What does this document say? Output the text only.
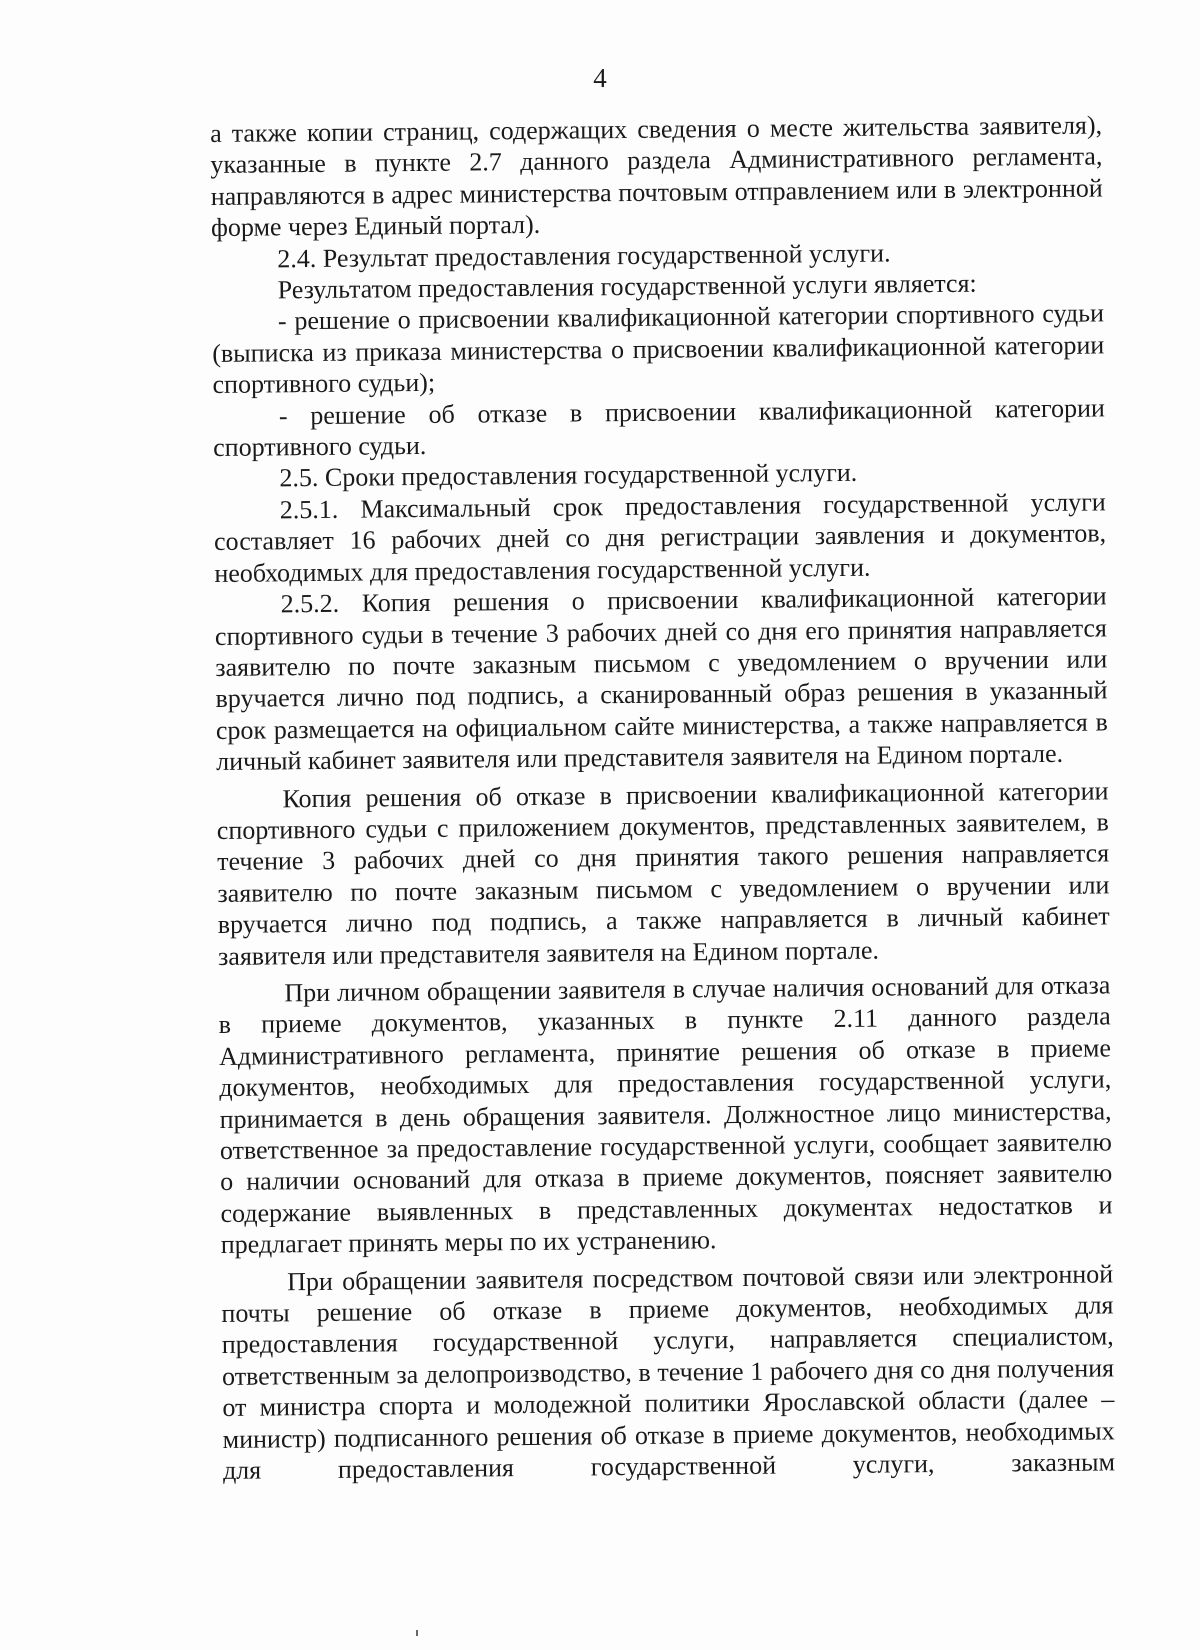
4

а также копии страниц, содержащих сведения о месте жительства заявителя), указанные в пункте 2.7 данного раздела Административного регламента, направляются в адрес министерства почтовым отправлением или в электронной форме через Единый портал).

2.4. Результат предоставления государственной услуги.

Результатом предоставления государственной услуги является:

- решение о присвоении квалификационной категории спортивного судьи (выписка из приказа министерства о присвоении квалификационной категории спортивного судьи);

- решение об отказе в присвоении квалификационной категории спортивного судьи.

2.5. Сроки предоставления государственной услуги.

2.5.1. Максимальный срок предоставления государственной услуги составляет 16 рабочих дней со дня регистрации заявления и документов, необходимых для предоставления государственной услуги.

2.5.2. Копия решения о присвоении квалификационной категории спортивного судьи в течение 3 рабочих дней со дня его принятия направляется заявителю по почте заказным письмом с уведомлением о вручении или вручается лично под подпись, а сканированный образ решения в указанный срок размещается на официальном сайте министерства, а также направляется в личный кабинет заявителя или представителя заявителя на Едином портале.

Копия решения об отказе в присвоении квалификационной категории спортивного судьи с приложением документов, представленных заявителем, в течение 3 рабочих дней со дня принятия такого решения направляется заявителю по почте заказным письмом с уведомлением о вручении или вручается лично под подпись, а также направляется в личный кабинет заявителя или представителя заявителя на Едином портале.

При личном обращении заявителя в случае наличия оснований для отказа в приеме документов, указанных в пункте 2.11 данного раздела Административного регламента, принятие решения об отказе в приеме документов, необходимых для предоставления государственной услуги, принимается в день обращения заявителя. Должностное лицо министерства, ответственное за предоставление государственной услуги, сообщает заявителю о наличии оснований для отказа в приеме документов, поясняет заявителю содержание выявленных в представленных документах недостатков и предлагает принять меры по их устранению.

При обращении заявителя посредством почтовой связи или электронной почты решение об отказе в приеме документов, необходимых для предоставления государственной услуги, направляется специалистом, ответственным за делопроизводство, в течение 1 рабочего дня со дня получения от министра спорта и молодежной политики Ярославской области (далее – министр) подписанного решения об отказе в приеме документов, необходимых для предоставления государственной услуги, заказным
